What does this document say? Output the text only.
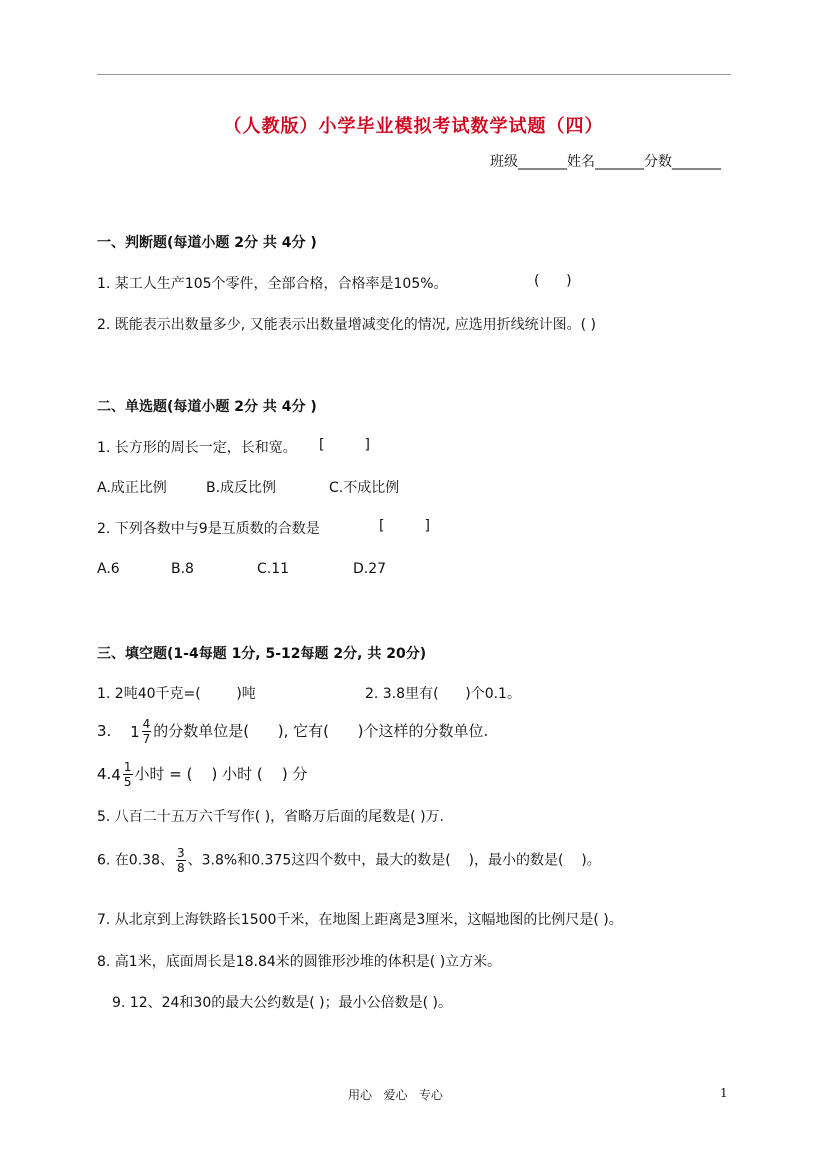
（人教版）小学毕业模拟考试数学试题（四）
班级_______姓名_______分数_______
一、判断题(每道小题 2分 共 4分 )
1. 某工人生产105个零件，全部合格，合格率是105%。	(      )
2. 既能表示出数量多少, 又能表示出数量增减变化的情况, 应选用折线统计图。( )
二、单选题(每道小题 2分 共 4分 )
1. 长方形的周长一定，长和宽。 [         ]
A.成正比例	B.成反比例	C.不成比例
2. 下列各数中与9是互质数的合数是	[         ]
A.6	B.8	C.11	D.27
三、填空题(1-4每题 1分, 5-12每题 2分, 共 20分)
1. 2吨40千克=(        )吨	2. 3.8里有(      )个0.1。
3. $1 \frac{4}{7}$ 的分数单位是(      ), 它有(      )个这样的分数单位.
4. $4 \frac{1}{5}$ 小时 = (    ) 小时 (    ) 分
5. 八百二十五万六千写作( )，省略万后面的尾数是( )万.
6. 在0.38、 $\frac{3}{8}$ 、3.8%和0.375这四个数中，最大的数是(    )，最小的数是(    )。
7. 从北京到上海铁路长1500千米，在地图上距离是3厘米，这幅地图的比例尺是( )。
8. 高1米，底面周长是18.84米的圆锥形沙堆的体积是( )立方米。
9. 12、24和30的最大公约数是( )；最小公倍数是( )。
用心   爱心   专心	1
